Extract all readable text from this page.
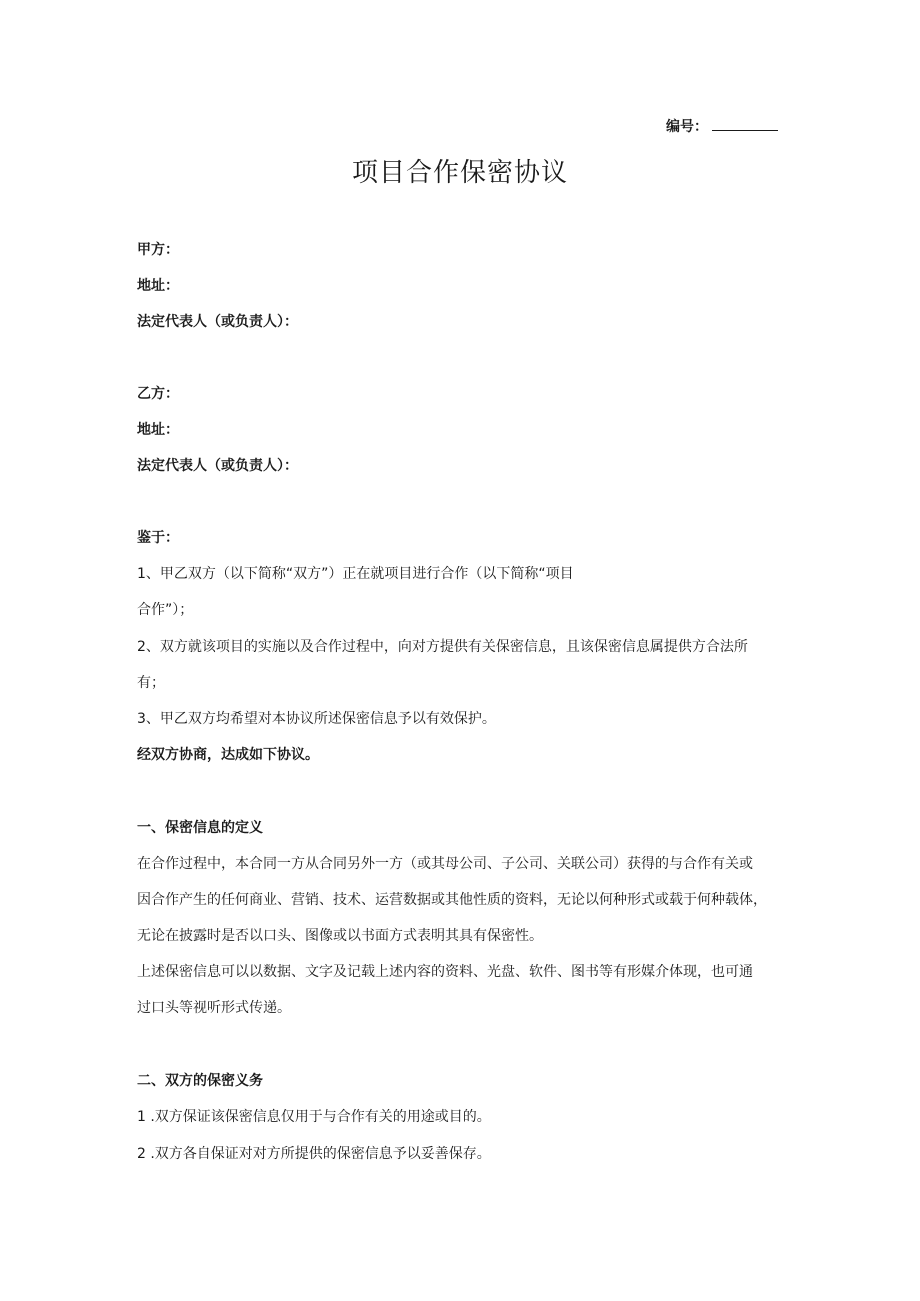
编号：
项目合作保密协议
甲方：
地址：
法定代表人（或负责人）：
乙方：
地址：
法定代表人（或负责人）：
鉴于：
1、甲乙双方（以下简称“双方”）正在就项目进行合作（以下简称“项目
合作”）；
2、双方就该项目的实施以及合作过程中，向对方提供有关保密信息，且该保密信息属提供方合法所
有；
3、甲乙双方均希望对本协议所述保密信息予以有效保护。
经双方协商，达成如下协议。
一、保密信息的定义
在合作过程中，本合同一方从合同另外一方（或其母公司、子公司、关联公司）获得的与合作有关或
因合作产生的任何商业、营销、技术、运营数据或其他性质的资料，无论以何种形式或载于何种载体，
无论在披露时是否以口头、图像或以书面方式表明其具有保密性。
上述保密信息可以以数据、文字及记载上述内容的资料、光盘、软件、图书等有形媒介体现，也可通
过口头等视听形式传递。
二、双方的保密义务
1 .双方保证该保密信息仅用于与合作有关的用途或目的。
2 .双方各自保证对对方所提供的保密信息予以妥善保存。
